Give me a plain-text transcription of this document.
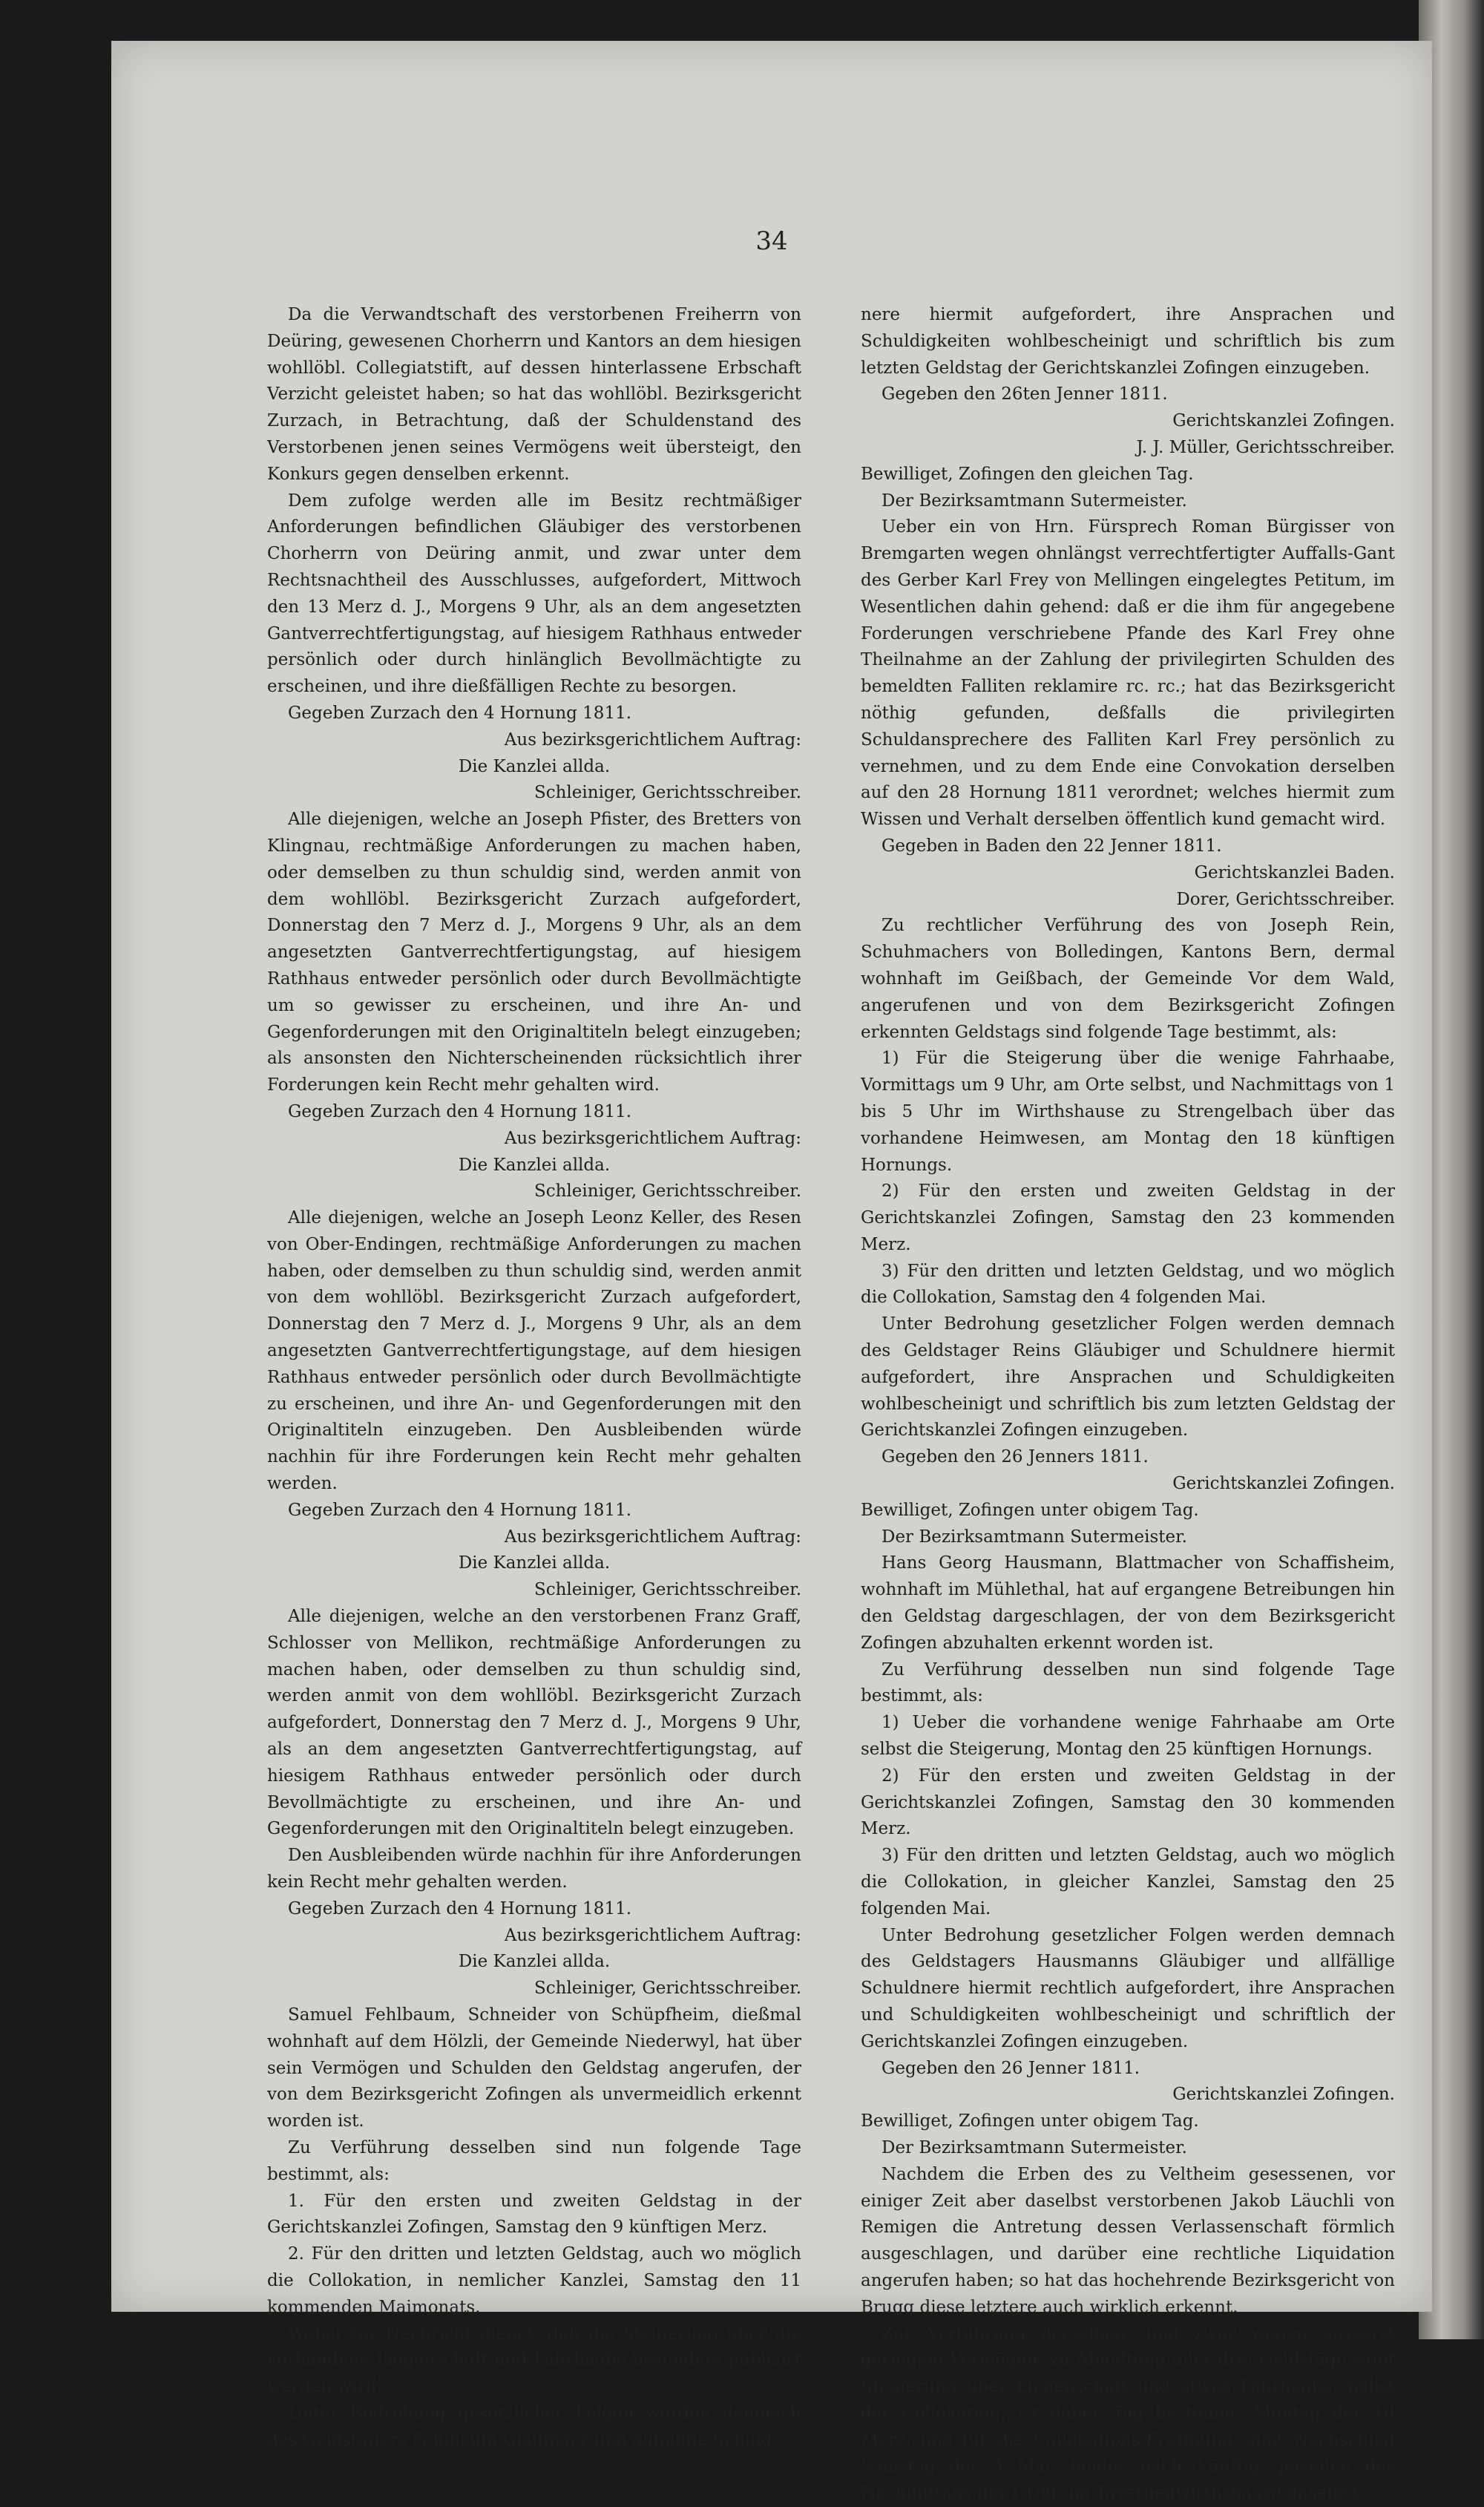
34

Da die Verwandtschaft des verstorbenen Freiherrn von Deüring, gewesenen Chorherrn und Kantors an dem hiesigen wohllöbl. Collegiatstift, auf dessen hinterlassene Erbschaft Verzicht geleistet haben; so hat das wohllöbl. Bezirksgericht Zurzach, in Betrachtung, daß der Schuldenstand des Verstorbenen jenen seines Vermögens weit übersteigt, den Konkurs gegen denselben erkennt.

Dem zufolge werden alle im Besitz rechtmäßiger Anforderungen befindlichen Gläubiger des verstorbenen Chorherrn von Deüring anmit, und zwar unter dem Rechtsnachtheil des Ausschlusses, aufgefordert, Mittwoch den 13 Merz d. J., Morgens 9 Uhr, als an dem angesetzten Gantverrechtfertigungstag, auf hiesigem Rathhaus entweder persönlich oder durch hinlänglich Bevollmächtigte zu erscheinen, und ihre dießfälligen Rechte zu besorgen.

Gegeben Zurzach den 4 Hornung 1811.

Aus bezirksgerichtlichem Auftrag:

Die Kanzlei allda.

Schleiniger, Gerichtsschreiber.

Alle diejenigen, welche an Joseph Pfister, des Bretters von Klingnau, rechtmäßige Anforderungen zu machen haben, oder demselben zu thun schuldig sind, werden anmit von dem wohllöbl. Bezirksgericht Zurzach aufgefordert, Donnerstag den 7 Merz d. J., Morgens 9 Uhr, als an dem angesetzten Gantverrechtfertigungstag, auf hiesigem Rathhaus entweder persönlich oder durch Bevollmächtigte um so gewisser zu erscheinen, und ihre An- und Gegenforderungen mit den Originaltiteln belegt einzugeben; als ansonsten den Nichterscheinenden rücksichtlich ihrer Forderungen kein Recht mehr gehalten wird.

Gegeben Zurzach den 4 Hornung 1811.

Aus bezirksgerichtlichem Auftrag:

Die Kanzlei allda.

Schleiniger, Gerichtsschreiber.

Alle diejenigen, welche an Joseph Leonz Keller, des Resen von Ober-Endingen, rechtmäßige Anforderungen zu machen haben, oder demselben zu thun schuldig sind, werden anmit von dem wohllöbl. Bezirksgericht Zurzach aufgefordert, Donnerstag den 7 Merz d. J., Morgens 9 Uhr, als an dem angesetzten Gantverrechtfertigungstage, auf dem hiesigen Rathhaus entweder persönlich oder durch Bevollmächtigte zu erscheinen, und ihre An- und Gegenforderungen mit den Originaltiteln einzugeben. Den Ausbleibenden würde nachhin für ihre Forderungen kein Recht mehr gehalten werden.

Gegeben Zurzach den 4 Hornung 1811.

Aus bezirksgerichtlichem Auftrag:

Die Kanzlei allda.

Schleiniger, Gerichtsschreiber.

Alle diejenigen, welche an den verstorbenen Franz Graff, Schlosser von Mellikon, rechtmäßige Anforderungen zu machen haben, oder demselben zu thun schuldig sind, werden anmit von dem wohllöbl. Bezirksgericht Zurzach aufgefordert, Donnerstag den 7 Merz d. J., Morgens 9 Uhr, als an dem angesetzten Gantverrechtfertigungstag, auf hiesigem Rathhaus entweder persönlich oder durch Bevollmächtigte zu erscheinen, und ihre An- und Gegenforderungen mit den Originaltiteln belegt einzugeben.

Den Ausbleibenden würde nachhin für ihre Anforderungen kein Recht mehr gehalten werden.

Gegeben Zurzach den 4 Hornung 1811.

Aus bezirksgerichtlichem Auftrag:

Die Kanzlei allda.

Schleiniger, Gerichtsschreiber.

Samuel Fehlbaum, Schneider von Schüpfheim, dießmal wohnhaft auf dem Hölzli, der Gemeinde Niederwyl, hat über sein Vermögen und Schulden den Geldstag angerufen, der von dem Bezirksgericht Zofingen als unvermeidlich erkennt worden ist.

Zu Verführung desselben sind nun folgende Tage bestimmt, als:

1. Für den ersten und zweiten Geldstag in der Gerichtskanzlei Zofingen, Samstag den 9 künftigen Merz.

2. Für den dritten und letzten Geldstag, auch wo möglich die Collokation, in nemlicher Kanzlei, Samstag den 11 kommenden Maimonats.

Wobei zur Nachricht dienet, daß die Steigerung über die vorhandene Liegenschaft und Fahrhaabe besonders publizirt werden wird.

Unter Bedrohung gesetzlicher Folgen werden demnach des Geldstagers Fehlbaum Gläubiger und allfällige Schuld-

nere hiermit aufgefordert, ihre Ansprachen und Schuldigkeiten wohlbescheinigt und schriftlich bis zum letzten Geldstag der Gerichtskanzlei Zofingen einzugeben.

Gegeben den 26ten Jenner 1811.

Gerichtskanzlei Zofingen.

J. J. Müller, Gerichtsschreiber.

Bewilliget, Zofingen den gleichen Tag.

Der Bezirksamtmann Sutermeister.

Ueber ein von Hrn. Fürsprech Roman Bürgisser von Bremgarten wegen ohnlängst verrechtfertigter Auffalls-Gant des Gerber Karl Frey von Mellingen eingelegtes Petitum, im Wesentlichen dahin gehend: daß er die ihm für angegebene Forderungen verschriebene Pfande des Karl Frey ohne Theilnahme an der Zahlung der privilegirten Schulden des bemeldten Falliten reklamire rc. rc.; hat das Bezirksgericht nöthig gefunden, deßfalls die privilegirten Schuldansprechere des Falliten Karl Frey persönlich zu vernehmen, und zu dem Ende eine Convokation derselben auf den 28 Hornung 1811 verordnet; welches hiermit zum Wissen und Verhalt derselben öffentlich kund gemacht wird.

Gegeben in Baden den 22 Jenner 1811.

Gerichtskanzlei Baden.

Dorer, Gerichtsschreiber.

Zu rechtlicher Verführung des von Joseph Rein, Schuhmachers von Bolledingen, Kantons Bern, dermal wohnhaft im Geißbach, der Gemeinde Vor dem Wald, angerufenen und von dem Bezirksgericht Zofingen erkennten Geldstags sind folgende Tage bestimmt, als:

1) Für die Steigerung über die wenige Fahrhaabe, Vormittags um 9 Uhr, am Orte selbst, und Nachmittags von 1 bis 5 Uhr im Wirthshause zu Strengelbach über das vorhandene Heimwesen, am Montag den 18 künftigen Hornungs.

2) Für den ersten und zweiten Geldstag in der Gerichtskanzlei Zofingen, Samstag den 23 kommenden Merz.

3) Für den dritten und letzten Geldstag, und wo möglich die Collokation, Samstag den 4 folgenden Mai.

Unter Bedrohung gesetzlicher Folgen werden demnach des Geldstager Reins Gläubiger und Schuldnere hiermit aufgefordert, ihre Ansprachen und Schuldigkeiten wohlbescheinigt und schriftlich bis zum letzten Geldstag der Gerichtskanzlei Zofingen einzugeben.

Gegeben den 26 Jenners 1811.

Gerichtskanzlei Zofingen.

Bewilliget, Zofingen unter obigem Tag.

Der Bezirksamtmann Sutermeister.

Hans Georg Hausmann, Blattmacher von Schaffisheim, wohnhaft im Mühlethal, hat auf ergangene Betreibungen hin den Geldstag dargeschlagen, der von dem Bezirksgericht Zofingen abzuhalten erkennt worden ist.

Zu Verführung desselben nun sind folgende Tage bestimmt, als:

1) Ueber die vorhandene wenige Fahrhaabe am Orte selbst die Steigerung, Montag den 25 künftigen Hornungs.

2) Für den ersten und zweiten Geldstag in der Gerichtskanzlei Zofingen, Samstag den 30 kommenden Merz.

3) Für den dritten und letzten Geldstag, auch wo möglich die Collokation, in gleicher Kanzlei, Samstag den 25 folgenden Mai.

Unter Bedrohung gesetzlicher Folgen werden demnach des Geldstagers Hausmanns Gläubiger und allfällige Schuldnere hiermit rechtlich aufgefordert, ihre Ansprachen und Schuldigkeiten wohlbescheinigt und schriftlich der Gerichtskanzlei Zofingen einzugeben.

Gegeben den 26 Jenner 1811.

Gerichtskanzlei Zofingen.

Bewilliget, Zofingen unter obigem Tag.

Der Bezirksamtmann Sutermeister.

Nachdem die Erben des zu Veltheim gesessenen, vor einiger Zeit aber daselbst verstorbenen Jakob Läuchli von Remigen die Antretung dessen Verlassenschaft förmlich ausgeschlagen, und darüber eine rechtliche Liquidation angerufen haben; so hat das hochehrende Bezirksgericht von Brugg diese letztere auch wirklich erkennt.

Zur Verführung derselben, und zwar wegen äusserst geringem Vermögen, zu Abhaltung aller drei Geldstäge samt Steigerung über Liegenschaft und etwas Fahrhaabe, nebst der Collokation, ist daher Tag bestimmt, Montag der 18 Merz, und für die Collokations-Eröffnung samt Nachschlag Samstag der 4 Mai, beides nächstkünftig, jeweilen des Nachmittags um 1 Uhr, im Tavernenwirthshause daselbst.
